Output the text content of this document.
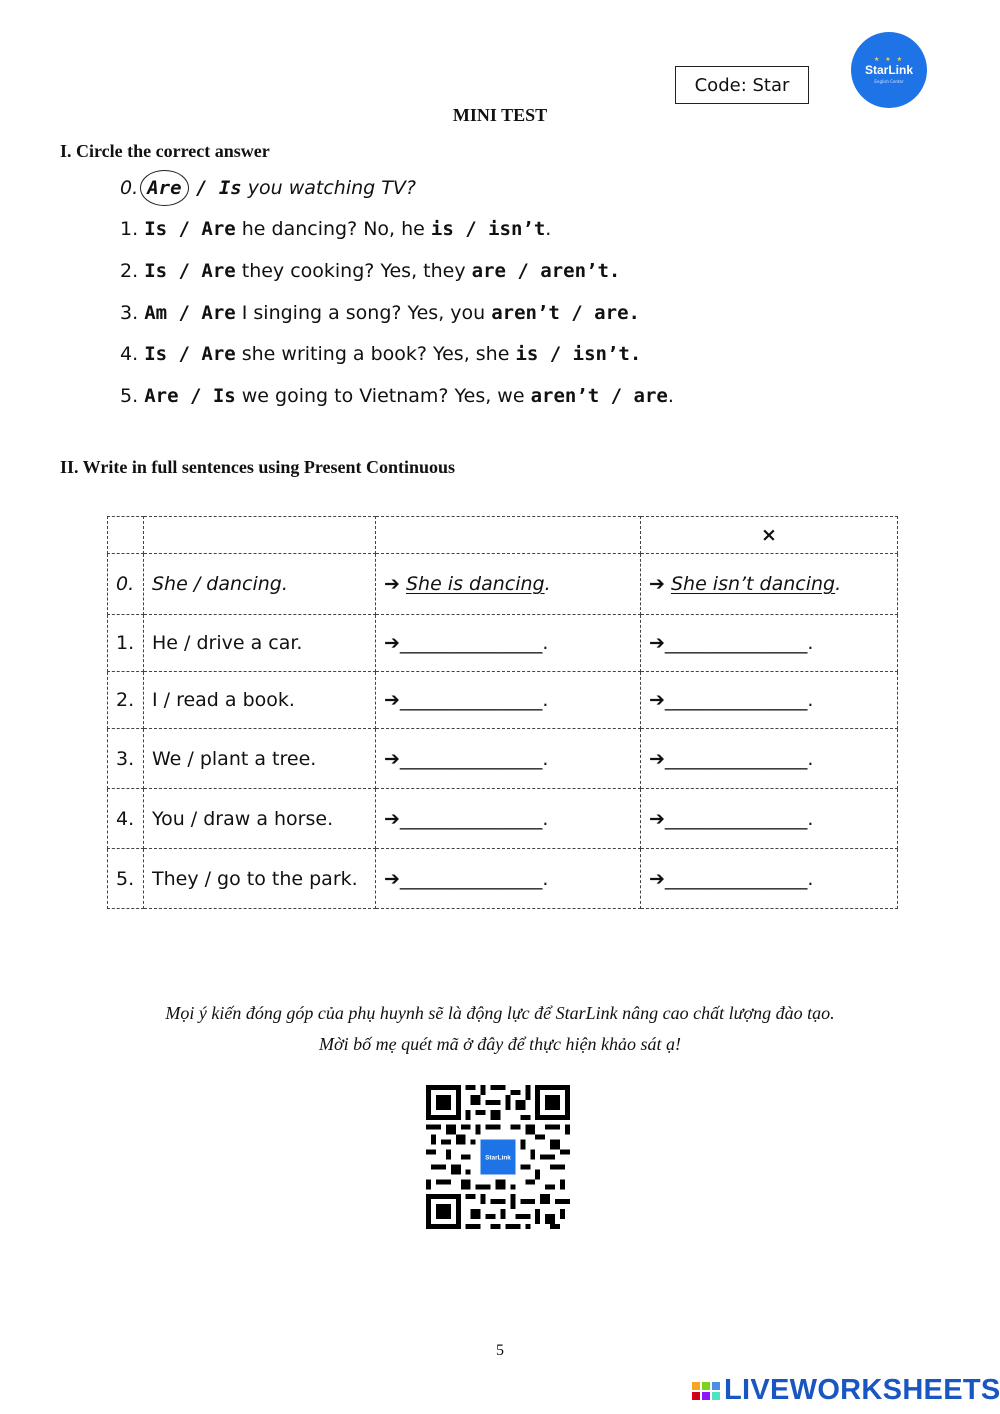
Code: Star
★ ★ ★
StarLink
English Center
MINI TEST
I. Circle the correct answer
0. Are / Is you watching TV?
1. Is / Are he dancing? No, he is / isn’t.
2. Is / Are they cooking? Yes, they are / aren’t.
3. Am / Are I singing a song? Yes, you aren’t / are.
4. Is / Are she writing a book? Yes, she is / isn’t.
5. Are / Is we going to Vietnam? Yes, we aren’t / are.
II. Write in full sentences using Present Continuous
			×
0.	She / dancing.	➔ She is dancing.	➔ She isn’t dancing.
1.	He / drive a car.	➔_______________.	➔_______________.
2.	I / read a book.	➔_______________.	➔_______________.
3.	We / plant a tree.	➔_______________.	➔_______________.
4.	You / draw a horse.	➔_______________.	➔_______________.
5.	They / go to the park.	➔_______________.	➔_______________.
Mọi ý kiến đóng góp của phụ huynh sẽ là động lực để StarLink nâng cao chất lượng đào tạo.
Mời bố mẹ quét mã ở đây để thực hiện khảo sát ạ!
StarLink
5
LIVEWORKSHEETS
